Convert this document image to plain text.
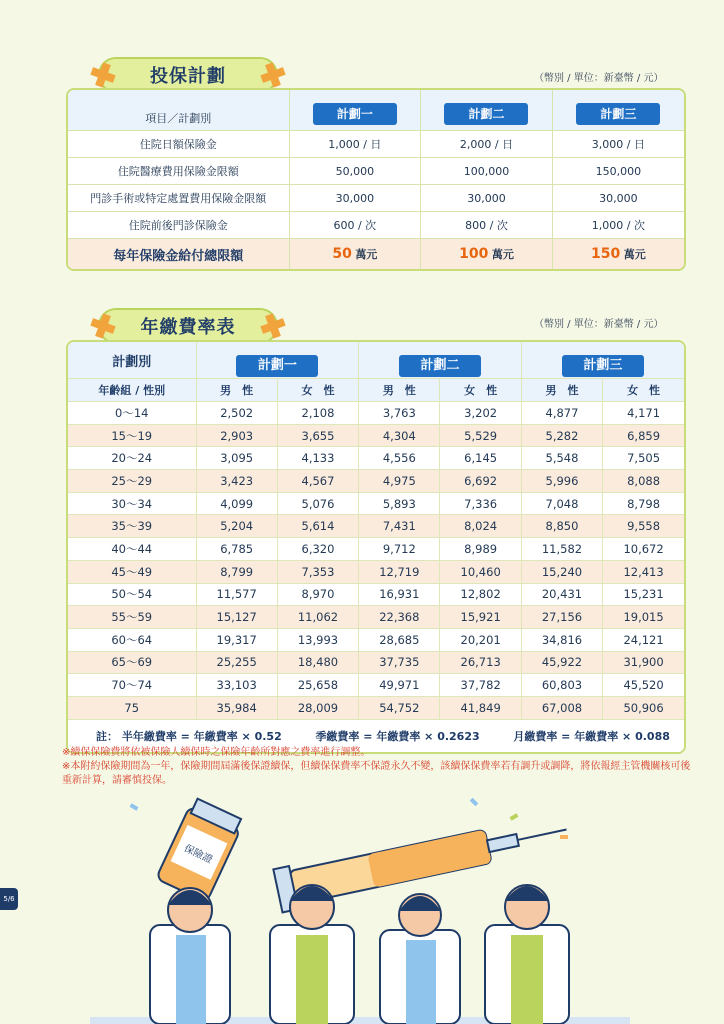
投保計劃	（幣別 / 單位：新臺幣 / 元）
項目／計劃別	計劃一	計劃二	計劃三
住院日額保險金	1,000 / 日	2,000 / 日	3,000 / 日
住院醫療費用保險金限額	50,000	100,000	150,000
門診手術或特定處置費用保險金限額	30,000	30,000	30,000
住院前後門診保險金	600 / 次	800 / 次	1,000 / 次
每年保險金給付總限額	50 萬元	100 萬元	150 萬元
年繳費率表	（幣別 / 單位：新臺幣 / 元）
計劃別	計劃一		計劃二		計劃三	
年齡組 / 性別	男　性	女　性	男　性	女　性	男　性	女　性
0～14	2,502	2,108	3,763	3,202	4,877	4,171
15～19	2,903	3,655	4,304	5,529	5,282	6,859
20～24	3,095	4,133	4,556	6,145	5,548	7,505
25～29	3,423	4,567	4,975	6,692	5,996	8,088
30～34	4,099	5,076	5,893	7,336	7,048	8,798
35～39	5,204	5,614	7,431	8,024	8,850	9,558
40～44	6,785	6,320	9,712	8,989	11,582	10,672
45～49	8,799	7,353	12,719	10,460	15,240	12,413
50～54	11,577	8,970	16,931	12,802	20,431	15,231
55～59	15,127	11,062	22,368	15,921	27,156	19,015
60～64	19,317	13,993	28,685	20,201	34,816	24,121
65～69	25,255	18,480	37,735	26,713	45,922	31,900
70～74	33,103	25,658	49,971	37,782	60,803	45,520
75	35,984	28,009	54,752	41,849	67,008	50,906
註： 半年繳費率 = 年繳費率 × 0.52 季繳費率 = 年繳費率 × 0.2623 月繳費率 = 年繳費率 × 0.088						
※續保保險費將依被保險人續保時之保險年齡所對應之費率進行調整。
※本附約保險期間為一年，保險期間屆滿後保證續保，但續保保費率不保證永久不變，該續保保費率若有調升或調降，將依報經主管機關核可後重新計算，請審慎投保。
保險證
5/6
